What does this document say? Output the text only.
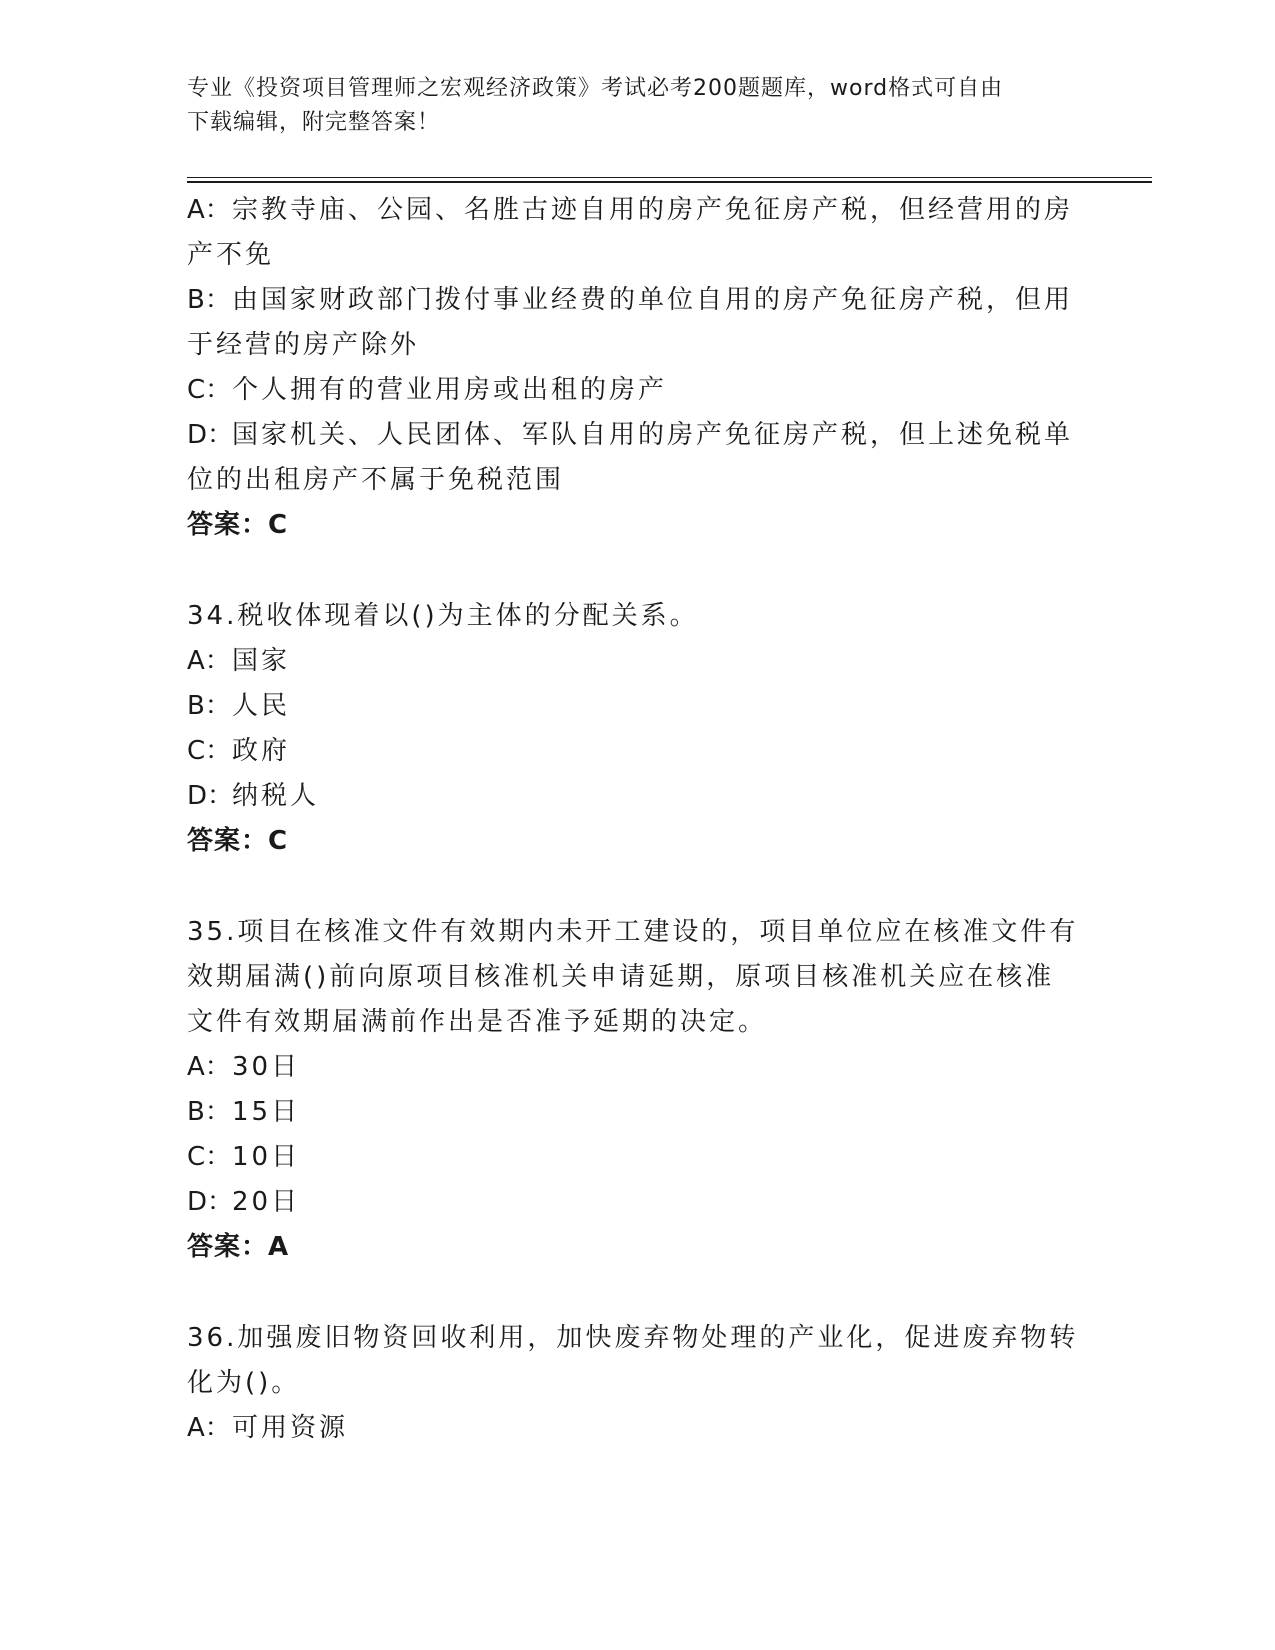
专业《投资项目管理师之宏观经济政策》考试必考200题题库，word格式可自由
下载编辑，附完整答案！
A：宗教寺庙、公园、名胜古迹自用的房产免征房产税，但经营用的房
产不免
B：由国家财政部门拨付事业经费的单位自用的房产免征房产税，但用
于经营的房产除外
C：个人拥有的营业用房或出租的房产
D：国家机关、人民团体、军队自用的房产免征房产税，但上述免税单
位的出租房产不属于免税范围
答案：C
34.税收体现着以()为主体的分配关系。
A：国家
B：人民
C：政府
D：纳税人
答案：C
35.项目在核准文件有效期内未开工建设的，项目单位应在核准文件有
效期届满()前向原项目核准机关申请延期，原项目核准机关应在核准
文件有效期届满前作出是否准予延期的决定。
A：30日
B：15日
C：10日
D：20日
答案：A
36.加强废旧物资回收利用，加快废弃物处理的产业化，促进废弃物转
化为()。
A：可用资源
